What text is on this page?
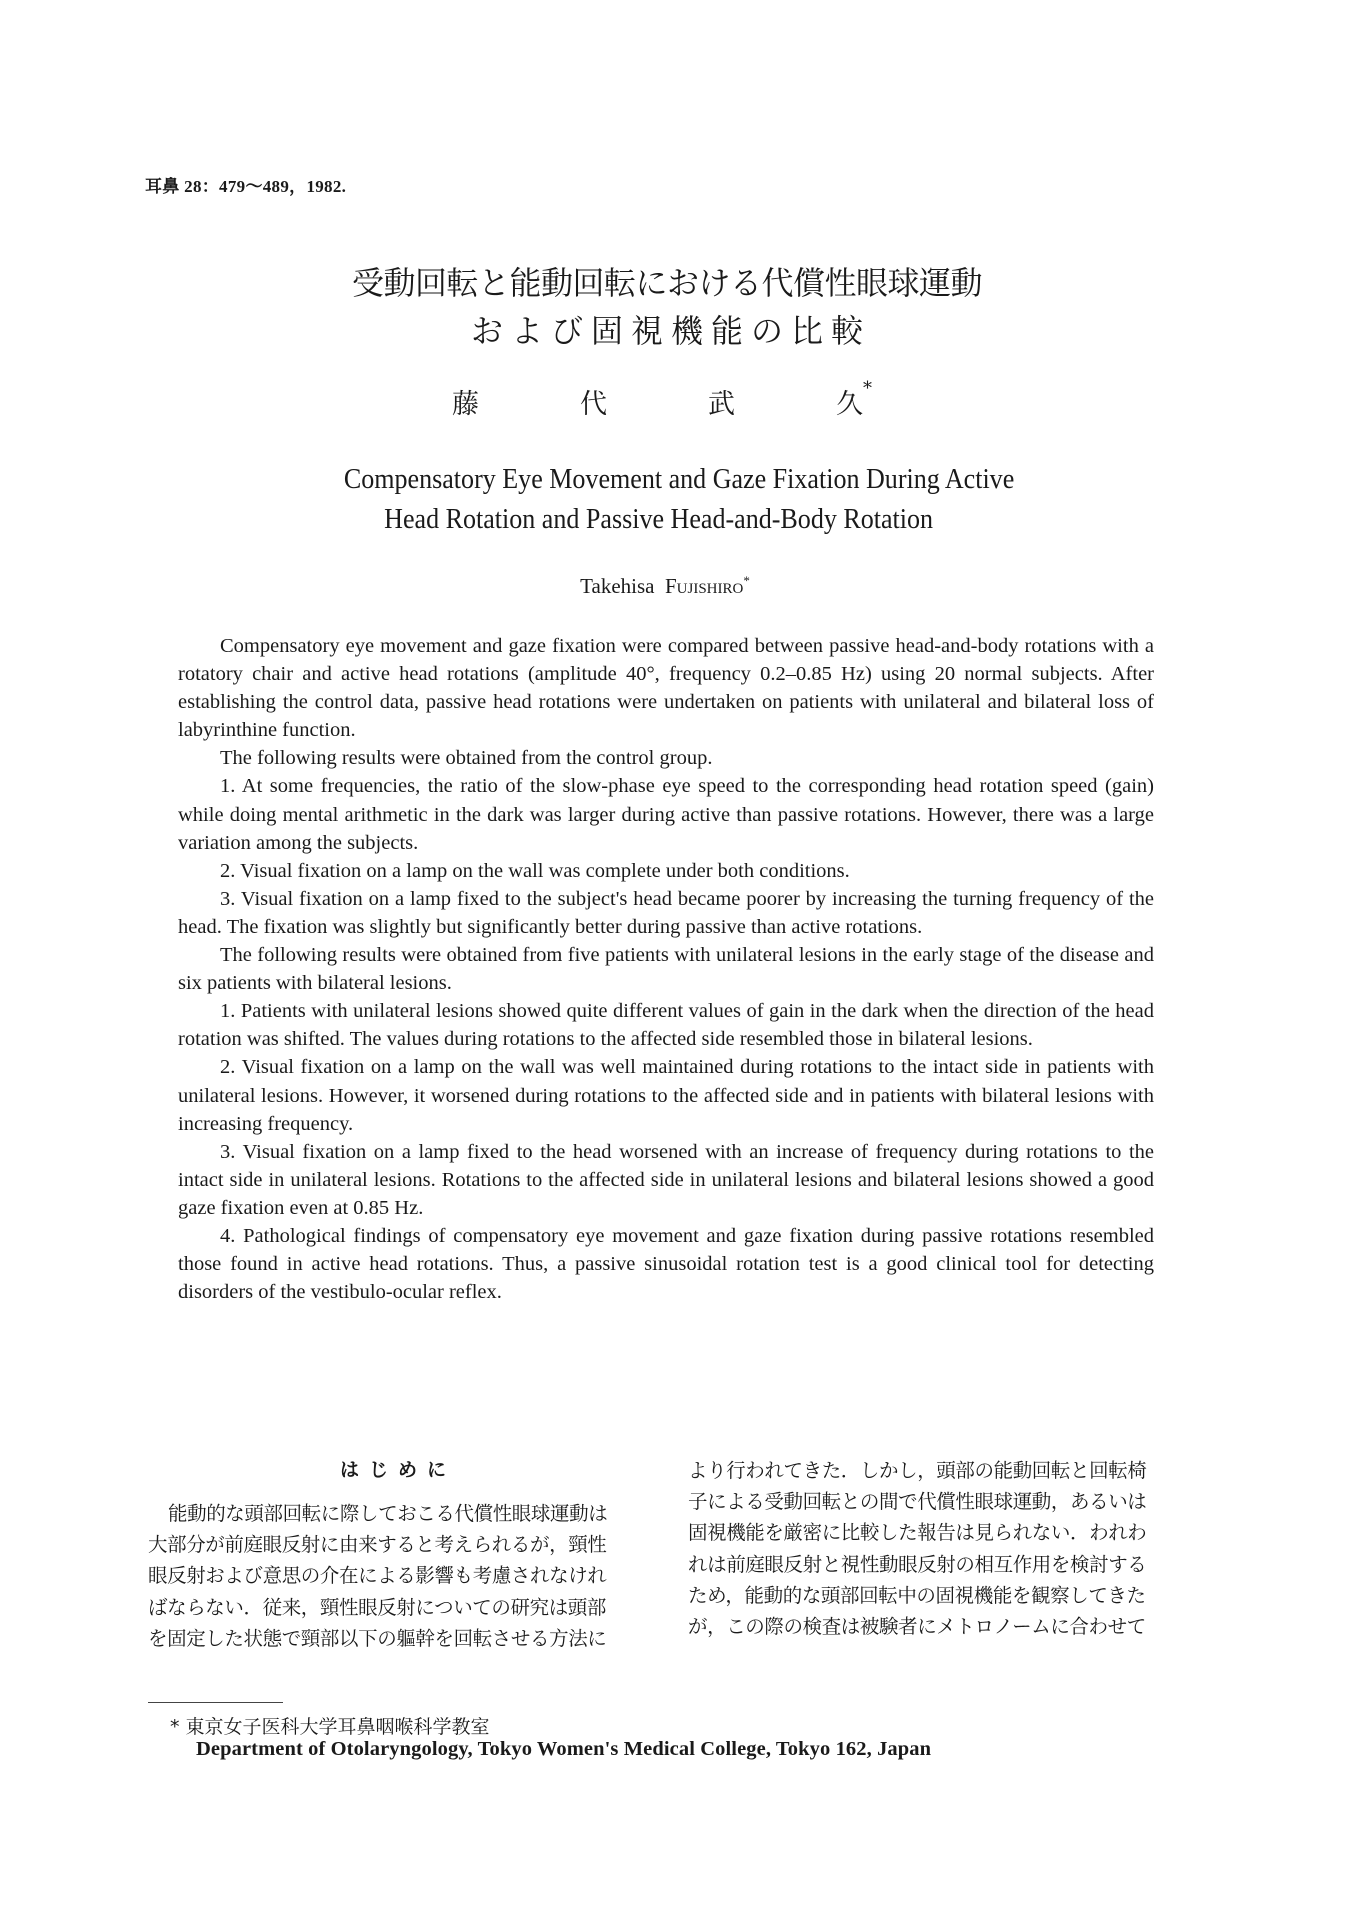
耳鼻 28：479〜489，1982.
受動回転と能動回転における代償性眼球運動
および固視機能の比較
藤	代	武	久*
Compensatory Eye Movement and Gaze Fixation During Active
Head Rotation and Passive Head-and-Body Rotation
Takehisa Fujishiro*

Compensatory eye movement and gaze fixation were compared between passive head-and-body rotations with a rotatory chair and active head rotations (amplitude 40°, frequency 0.2–0.85 Hz) using 20 normal subjects. After establishing the control data, passive head rotations were undertaken on patients with unilateral and bilateral loss of labyrinthine function.

The following results were obtained from the control group.

1. At some frequencies, the ratio of the slow-phase eye speed to the corresponding head rotation speed (gain) while doing mental arithmetic in the dark was larger during active than passive rotations. However, there was a large variation among the subjects.

2. Visual fixation on a lamp on the wall was complete under both conditions.

3. Visual fixation on a lamp fixed to the subject's head became poorer by increasing the turning frequency of the head. The fixation was slightly but significantly better during passive than active rotations.

The following results were obtained from five patients with unilateral lesions in the early stage of the disease and six patients with bilateral lesions.

1. Patients with unilateral lesions showed quite different values of gain in the dark when the direction of the head rotation was shifted. The values during rotations to the affected side resembled those in bilateral lesions.

2. Visual fixation on a lamp on the wall was well maintained during rotations to the intact side in patients with unilateral lesions. However, it worsened during rotations to the affected side and in patients with bilateral lesions with increasing frequency.

3. Visual fixation on a lamp fixed to the head worsened with an increase of frequency during rotations to the intact side in unilateral lesions. Rotations to the affected side in unilateral lesions and bilateral lesions showed a good gaze fixation even at 0.85 Hz.

4. Pathological findings of compensatory eye movement and gaze fixation during passive rotations resembled those found in active head rotations. Thus, a passive sinusoidal rotation test is a good clinical tool for detecting disorders of the vestibulo-ocular reflex.

はじめに
能動的な頭部回転に際しておこる代償性眼球運動は
大部分が前庭眼反射に由来すると考えられるが，頸性
眼反射および意思の介在による影響も考慮されなけれ
ばならない．従来，頸性眼反射についての研究は頭部
を固定した状態で頸部以下の軀幹を回転させる方法に
より行われてきた．しかし，頭部の能動回転と回転椅
子による受動回転との間で代償性眼球運動，あるいは
固視機能を厳密に比較した報告は見られない．われわ
れは前庭眼反射と視性動眼反射の相互作用を検討する
ため，能動的な頭部回転中の固視機能を観察してきた
が，この際の検査は被験者にメトロノームに合わせて
* 東京女子医科大学耳鼻咽喉科学教室
Department of Otolaryngology, Tokyo Women's Medical College, Tokyo 162, Japan
